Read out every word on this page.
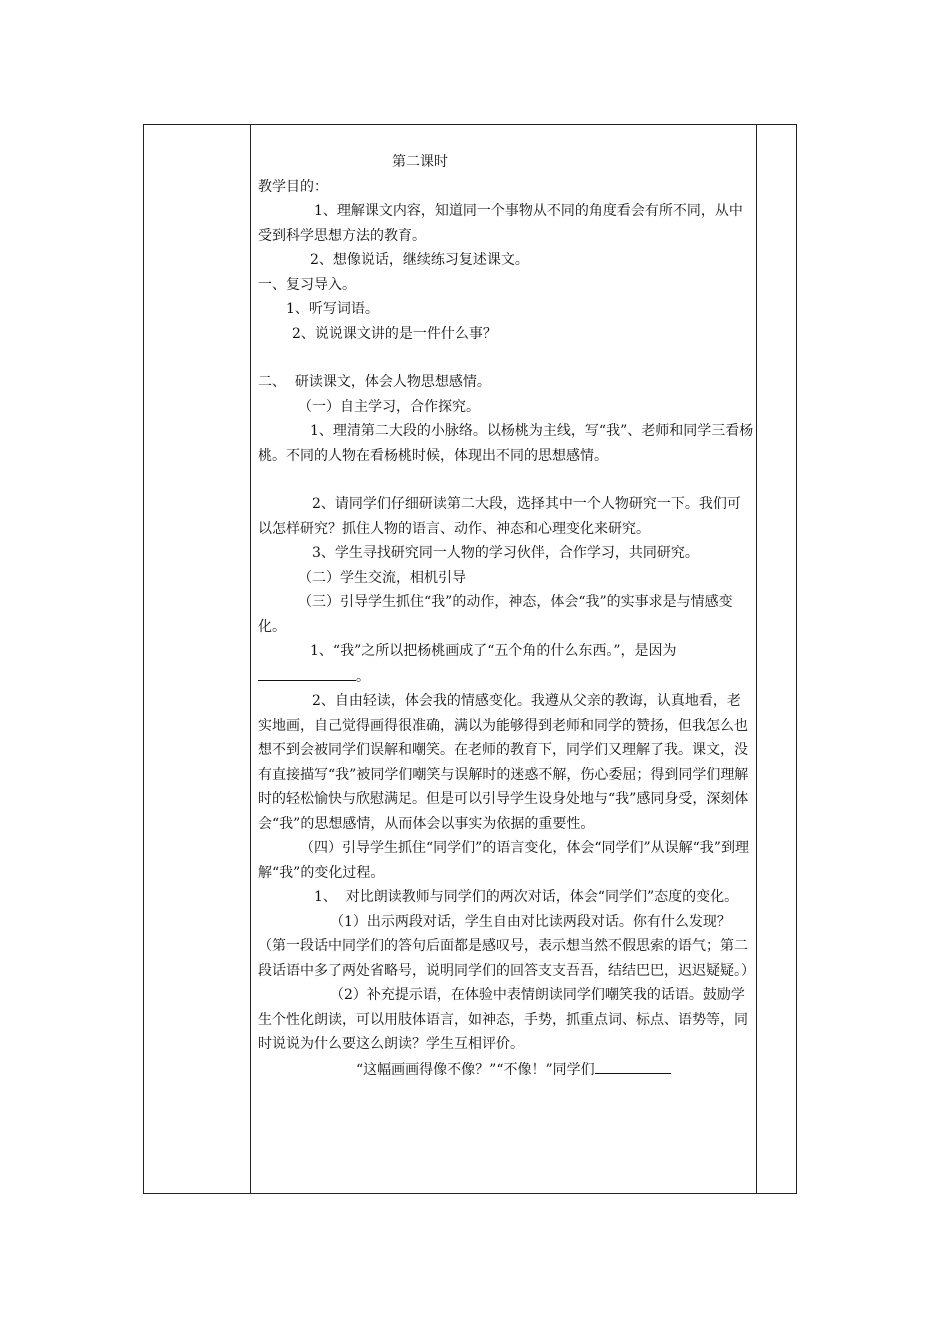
第二课时

教学目的：

1、理解课文内容，知道同一个事物从不同的角度看会有所不同，从中受到科学思想方法的教育。

2、想像说话，继续练习复述课文。

一、复习导入。

1、听写词语。

2、说说课文讲的是一件什么事？

二、  研读课文，体会人物思想感情。

（一）自主学习，合作探究。

1、理清第二大段的小脉络。以杨桃为主线，写“我”、老师和同学三看杨桃。不同的人物在看杨桃时候，体现出不同的思想感情。

2、请同学们仔细研读第二大段，选择其中一个人物研究一下。我们可以怎样研究？抓住人物的语言、动作、神态和心理变化来研究。

3、学生寻找研究同一人物的学习伙伴，合作学习，共同研究。

（二）学生交流，相机引导

（三）引导学生抓住“我”的动作，神态，体会“我”的实事求是与情感变化。

1、“我”之所以把杨桃画成了“五个角的什么东西。”，是因为。

2、自由轻读，体会我的情感变化。我遵从父亲的教诲，认真地看，老实地画，自己觉得画得很准确，满以为能够得到老师和同学的赞扬，但我怎么也想不到会被同学们误解和嘲笑。在老师的教育下，同学们又理解了我。课文，没有直接描写“我”被同学们嘲笑与误解时的迷惑不解，伤心委屈；得到同学们理解时的轻松愉快与欣慰满足。但是可以引导学生设身处地与“我”感同身受，深刻体会“我”的思想感情，从而体会以事实为依据的重要性。

（四）引导学生抓住“同学们”的语言变化，体会“同学们”从误解“我”到理解“我”的变化过程。

1、  对比朗读教师与同学们的两次对话，体会“同学们”态度的变化。

（1）出示两段对话，学生自由对比读两段对话。你有什么发现？（第一段话中同学们的答句后面都是感叹号，表示想当然不假思索的语气；第二段话语中多了两处省略号，说明同学们的回答支支吾吾，结结巴巴，迟迟疑疑。）

（2）补充提示语，在体验中表情朗读同学们嘲笑我的话语。鼓励学生个性化朗读，可以用肢体语言，如神态，手势，抓重点词、标点、语势等，同时说说为什么要这么朗读？学生互相评价。

“这幅画画得像不像？”“不像！”同学们
